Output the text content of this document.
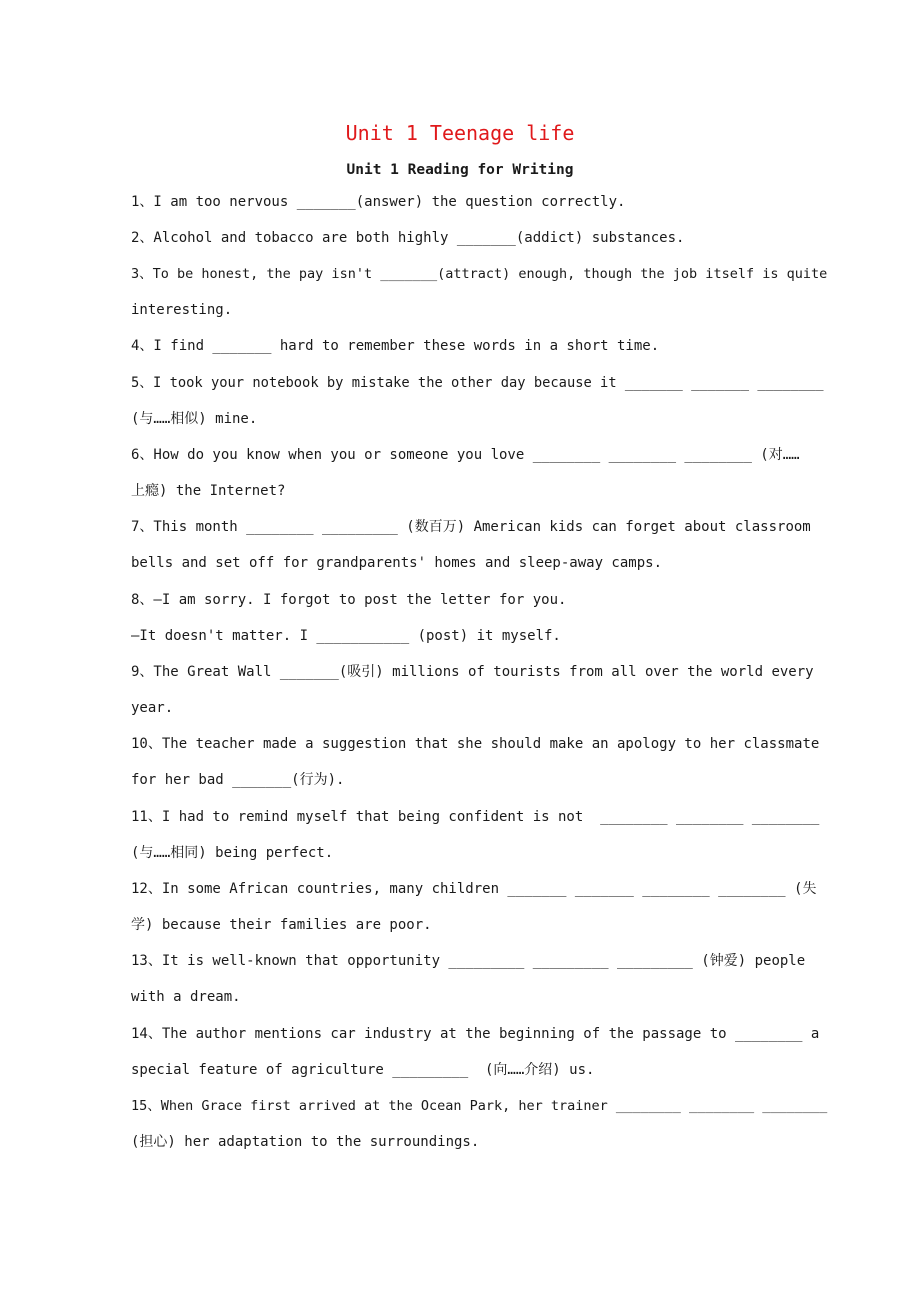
Unit 1 Teenage life
Unit 1 Reading for Writing
1、I am too nervous _______(answer) the question correctly.
2、Alcohol and tobacco are both highly _______(addict) substances.
3、To be honest, the pay isn't _______(attract) enough, though the job itself is quite
interesting.
4、I find _______ hard to remember these words in a short time.
5、I took your notebook by mistake the other day because it _______ _______ ________
(与……相似) mine.
6、How do you know when you or someone you love ________ ________ ________ (对……
上瘾) the Internet?
7、This month ________ _________ (数百万) American kids can forget about classroom
bells and set off for grandparents' homes and sleep-away camps.
8、—I am sorry. I forgot to post the letter for you.
—It doesn't matter. I ___________ (post) it myself.
9、The Great Wall _______(吸引) millions of tourists from all over the world every
year.
10、The teacher made a suggestion that she should make an apology to her classmate
for her bad _______(行为).
11、I had to remind myself that being confident is not  ________ ________ ________
(与……相同) being perfect.
12、In some African countries, many children _______ _______ ________ ________ (失
学) because their families are poor.
13、It is well-known that opportunity _________ _________ _________ (钟爱) people
with a dream.
14、The author mentions car industry at the beginning of the passage to ________ a
special feature of agriculture _________  (向……介绍) us.
15、When Grace first arrived at the Ocean Park, her trainer ________ ________ ________
(担心) her adaptation to the surroundings.
